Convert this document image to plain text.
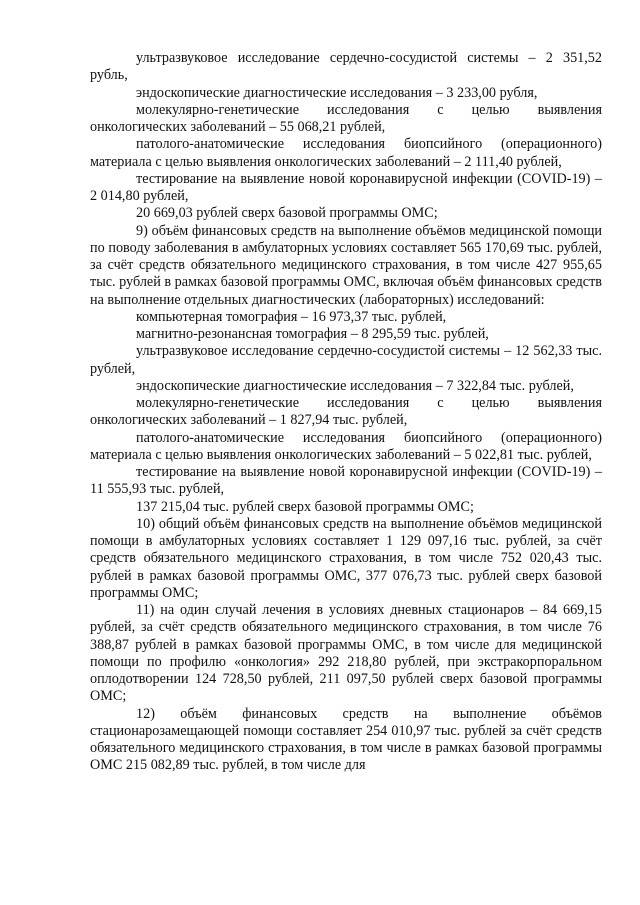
ультразвуковое исследование сердечно-сосудистой системы – 2 351,52 рубль,

эндоскопические диагностические исследования – 3 233,00 рубля,

молекулярно-генетические исследования с целью выявления онкологических заболеваний – 55 068,21 рублей,

патолого-анатомические исследования биопсийного (операционного) материала с целью выявления онкологических заболеваний – 2 111,40 рублей,

тестирование на выявление новой коронавирусной инфекции (COVID-19) – 2 014,80 рублей,

20 669,03 рублей сверх базовой программы ОМС;

9) объём финансовых средств на выполнение объёмов медицинской помощи по поводу заболевания в амбулаторных условиях составляет 565 170,69 тыс. рублей, за счёт средств обязательного медицинского страхования, в том числе 427 955,65 тыс. рублей в рамках базовой программы ОМС, включая объём финансовых средств на выполнение отдельных диагностических (лабораторных) исследований:

компьютерная томография – 16 973,37 тыс. рублей,

магнитно-резонансная томография – 8 295,59 тыс. рублей,

ультразвуковое исследование сердечно-сосудистой системы – 12 562,33 тыс. рублей,

эндоскопические диагностические исследования – 7 322,84 тыс. рублей,

молекулярно-генетические исследования с целью выявления онкологических заболеваний – 1 827,94 тыс. рублей,

патолого-анатомические исследования биопсийного (операционного) материала с целью выявления онкологических заболеваний – 5 022,81 тыс. рублей,

тестирование на выявление новой коронавирусной инфекции (COVID-19) – 11 555,93 тыс. рублей,

137 215,04 тыс. рублей сверх базовой программы ОМС;

10) общий объём финансовых средств на выполнение объёмов медицинской помощи в амбулаторных условиях составляет 1 129 097,16 тыс. рублей, за счёт средств обязательного медицинского страхования, в том числе 752 020,43 тыс. рублей в рамках базовой программы ОМС, 377 076,73 тыс. рублей сверх базовой программы ОМС;

11) на один случай лечения в условиях дневных стационаров – 84 669,15 рублей, за счёт средств обязательного медицинского страхования, в том числе 76 388,87 рублей в рамках базовой программы ОМС, в том числе для медицинской помощи по профилю «онкология» 292 218,80 рублей, при экстракорпоральном оплодотворении 124 728,50 рублей, 211 097,50 рублей сверх базовой программы ОМС;

12) объём финансовых средств на выполнение объёмов стационарозамещающей помощи составляет 254 010,97 тыс. рублей за счёт средств обязательного медицинского страхования, в том числе в рамках базовой программы ОМС 215 082,89 тыс. рублей, в том числе для
